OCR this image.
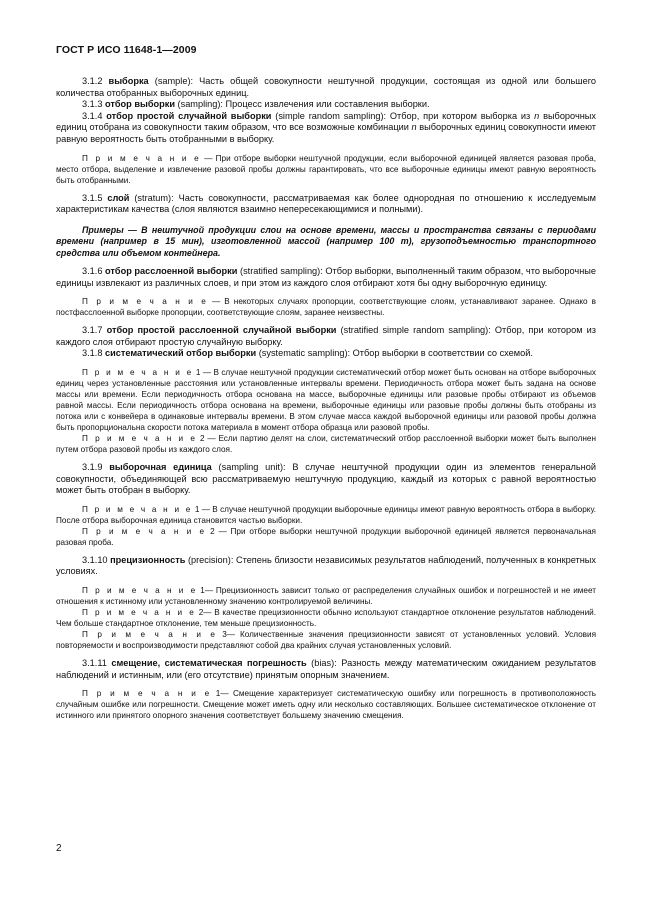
ГОСТ Р ИСО 11648-1—2009

3.1.2 выборка (sample): Часть общей совокупности нештучной продукции, состоящая из одной или большего количества отобранных выборочных единиц.

3.1.3 отбор выборки (sampling): Процесс извлечения или составления выборки.

3.1.4 отбор простой случайной выборки (simple random sampling): Отбор, при котором выборка из n выборочных единиц отобрана из совокупности таким образом, что все возможные комбинации n выборочных единиц совокупности имеют равную вероятность быть отобранными в выборку.

П р и м е ч а н и е — При отборе выборки нештучной продукции, если выборочной единицей является разовая проба, место отбора, выделение и извлечение разовой пробы должны гарантировать, что все выборочные единицы имеют равную вероятность быть отобранными.

3.1.5 слой (stratum): Часть совокупности, рассматриваемая как более однородная по отношению к исследуемым характеристикам качества (слоя являются взаимно непересекающимися и полными).

Примеры — В нештучной продукции слои на основе времени, массы и пространства связаны с периодами времени (например в 15 мин), изготовленной массой (например 100 т), грузоподъемностью транспортного средства или объемом контейнера.

3.1.6 отбор расслоенной выборки (stratified sampling): Отбор выборки, выполненный таким образом, что выборочные единицы извлекают из различных слоев, и при этом из каждого слоя отбирают хотя бы одну выборочную единицу.

П р и м е ч а н и е — В некоторых случаях пропорции, соответствующие слоям, устанавливают заранее. Однако в постфасслоенной выборке пропорции, соответствующие слоям, заранее неизвестны.

3.1.7 отбор простой расслоенной случайной выборки (stratified simple random sampling): Отбор, при котором из каждого слоя отбирают простую случайную выборку.

3.1.8 систематический отбор выборки (systematic sampling): Отбор выборки в соответствии со схемой.

П р и м е ч а н и е 1 — В случае нештучной продукции систематический отбор может быть основан на отборе выборочных единиц через установленные расстояния или установленные интервалы времени. Периодичность отбора может быть задана на основе массы или времени. Если периодичность отбора основана на массе, выборочные единицы или разовые пробы отбирают из объемов равной массы. Если периодичность отбора основана на времени, выборочные единицы или разовые пробы должны быть отобраны из потока или с конвейера в одинаковые интервалы времени. В этом случае масса каждой выборочной единицы или разовой пробы должна быть пропорциональна скорости потока материала в момент отбора образца или разовой пробы.

П р и м е ч а н и е 2 — Если партию делят на слои, систематический отбор расслоенной выборки может быть выполнен путем отбора разовой пробы из каждого слоя.

3.1.9 выборочная единица (sampling unit): В случае нештучной продукции один из элементов генеральной совокупности, объединяющей всю рассматриваемую нештучную продукцию, каждый из которых с равной вероятностью может быть отобран в выборку.

П р и м е ч а н и е 1 — В случае нештучной продукции выборочные единицы имеют равную вероятность отбора в выборку. После отбора выборочная единица становится частью выборки.

П р и м е ч а н и е 2 — При отборе выборки нештучной продукции выборочной единицей является первоначальная разовая проба.

3.1.10 прецизионность (precision): Степень близости независимых результатов наблюдений, полученных в конкретных условиях.

П р и м е ч а н и е 1— Прецизионность зависит только от распределения случайных ошибок и погрешностей и не имеет отношения к истинному или установленному значению контролируемой величины.

П р и м е ч а н и е 2— В качестве прецизионности обычно используют стандартное отклонение результатов наблюдений. Чем больше стандартное отклонение, тем меньше прецизионность.

П р и м е ч а н и е 3— Количественные значения прецизионности зависят от установленных условий. Условия повторяемости и воспроизводимости представляют собой два крайних случая установленных условий.

3.1.11 смещение, систематическая погрешность (bias): Разность между математическим ожиданием результатов наблюдений и истинным, или (его отсутствие) принятым опорным значением.

П р и м е ч а н и е 1— Смещение характеризует систематическую ошибку или погрешность в противоположность случайным ошибке или погрешности. Смещение может иметь одну или несколько составляющих. Большее систематическое отклонение от истинного или принятого опорного значения соответствует большему значению смещения.

2
